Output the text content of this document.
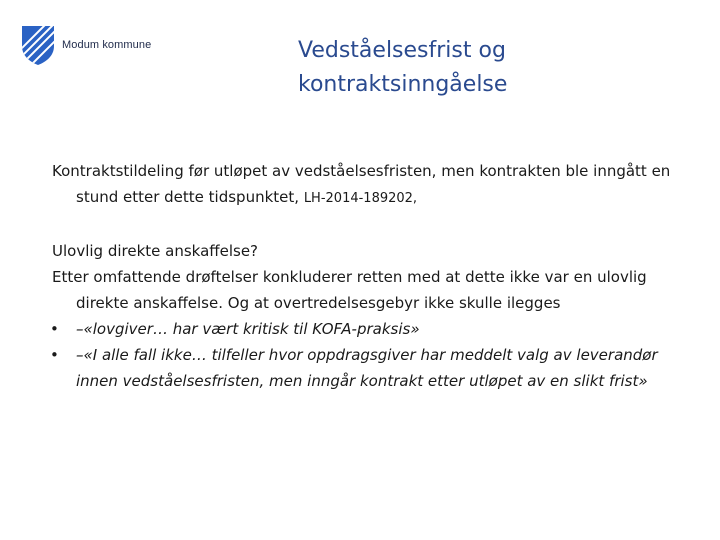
Modum kommune	Vedståelsesfrist og kontraktsinngåelse

Kontraktstildeling før utløpet av vedståelsesfristen, men kontrakten ble inngått en stund etter dette tidspunktet, LH-2014-189202,

Ulovlig direkte anskaffelse?

Etter omfattende drøftelser konkluderer retten med at dette ikke var en ulovlig direkte anskaffelse. Og at overtredelsesgebyr ikke skulle ilegges

• –«lovgiver… har vært kritisk til KOFA-praksis»
• –«I alle fall ikke… tilfeller hvor oppdragsgiver har meddelt valg av leverandør innen vedståelsesfristen, men inngår kontrakt etter utløpet av en slikt frist»
